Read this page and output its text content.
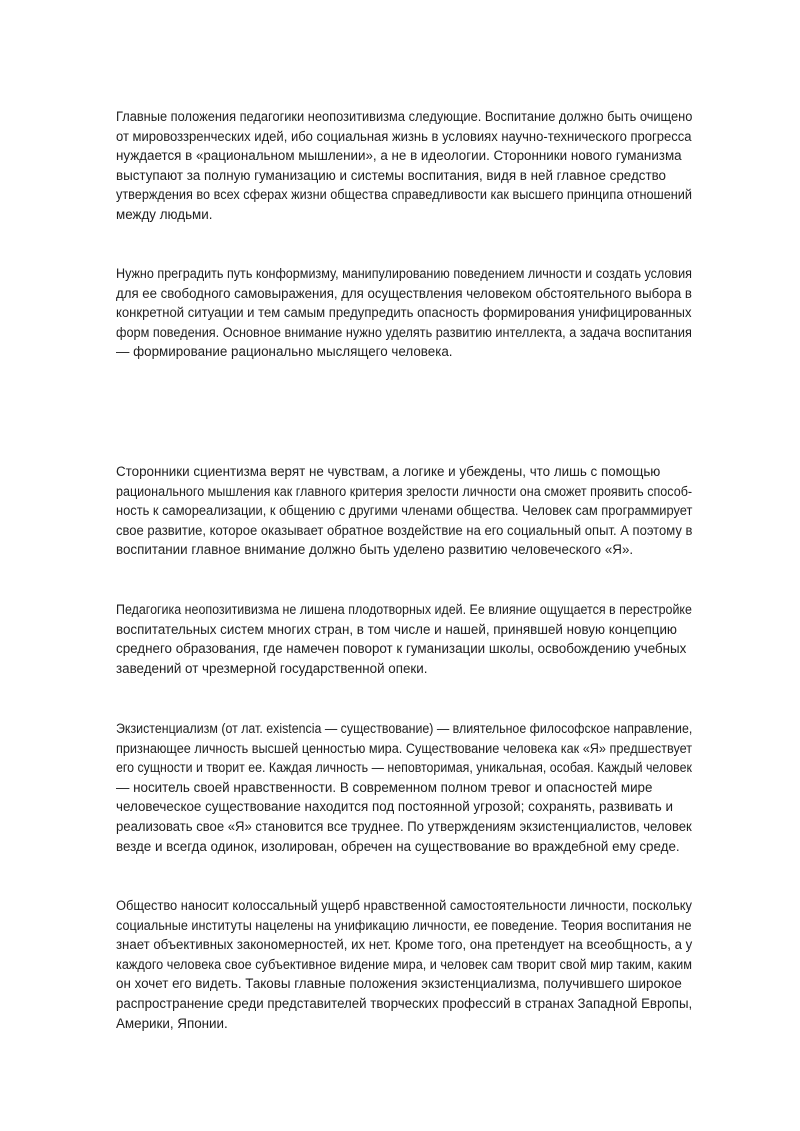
Главные положения педагогики неопозитивизма следующие. Воспитание должно быть очищено от мировоззренческих идей, ибо социальная жизнь в условиях научно-технического прогресса
нуждается в «рациональном мышлении», а не в идеологии. Сторонники нового гуманизма
выступают за полную гуманизацию и системы воспитания, видя в ней главное средство
утверждения во всех сферах жизни общества справедливости как высшего принципа отношений
между людьми.

Нужно преградить путь конформизму, манипулированию поведением личности и создать условия для ее свободного самовыражения, для осуществления человеком обстоятельного выбора в конкретной ситуации и тем самым предупредить опасность формирования унифицированных форм поведения. Основное внимание нужно уделять развитию интеллекта, а задача воспитания
— формирование рационально мыслящего человека.

Сторонники сциентизма верят не чувствам, а логике и убеждены, что лишь с помощью
рационального мышления как главного критерия зрелости личности она сможет проявить способ- ность к самореализации, к общению с другими членами общества. Человек сам программирует свое развитие, которое оказывает обратное воздействие на его социальный опыт. А поэтому в
воспитании главное внимание должно быть уделено развитию человеческого «Я».

Педагогика неопозитивизма не лишена плодотворных идей. Ее влияние ощущается в перестройке
воспитательных систем многих стран, в том числе и нашей, принявшей новую концепцию
среднего образования, где намечен поворот к гуманизации школы, освобождению учебных
заведений от чрезмерной государственной опеки.

Экзистенциализм (от лат. existencia — существование) — влиятельное философское направление, признающее личность высшей ценностью мира. Существование человека как «Я» предшествует его сущности и творит ее. Каждая личность — неповторимая, уникальная, особая. Каждый человек
— носитель своей нравственности. В современном полном тревог и опасностей мире
человеческое существование находится под постоянной угрозой; сохранять, развивать и
реализовать свое «Я» становится все труднее. По утверждениям экзистенциалистов, человек
везде и всегда одинок, изолирован, обречен на существование во враждебной ему среде.

Общество наносит колоссальный ущерб нравственной самостоятельности личности, поскольку социальные институты нацелены на унификацию личности, ее поведение. Теория воспитания не знает объективных закономерностей, их нет. Кроме того, она претендует на всеобщность, а у каждого человека свое субъективное видение мира, и человек сам творит свой мир таким, каким
он хочет его видеть. Таковы главные положения экзистенциализма, получившего широкое
распространение среди представителей творческих профессий в странах Западной Европы,
Америки, Японии.
